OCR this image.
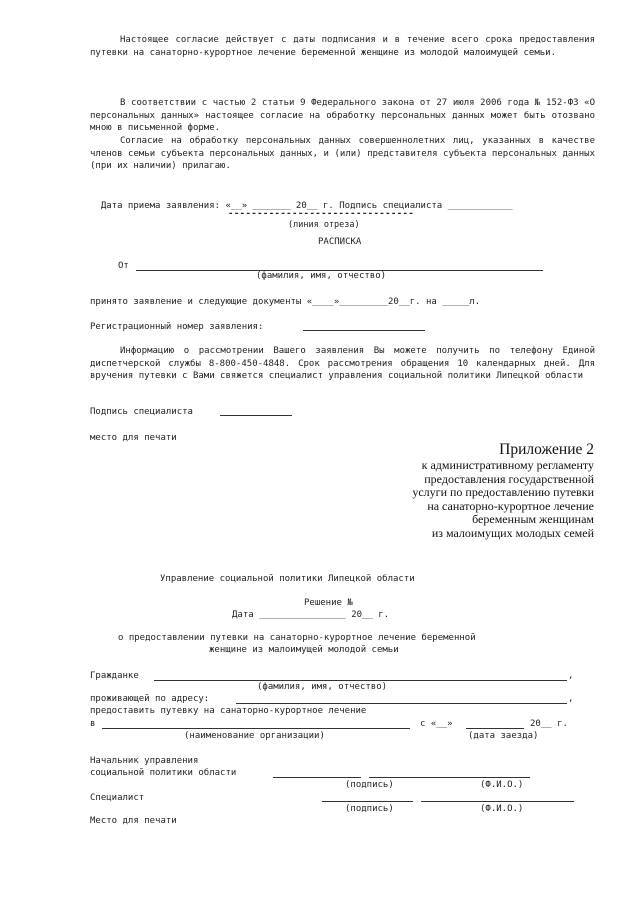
Настоящее согласие действует с даты подписания и в течение всего срока предоставления путевки на санаторно-курортное лечение беременной женщине из молодой малоимущей семьи.
В соответствии с частью 2 статьи 9 Федерального закона от 27 июля 2006 года № 152-ФЗ «О персональных данных» настоящее согласие на обработку персональных данных может быть отозвано мною в письменной форме.
Согласие на обработку персональных данных совершеннолетних лиц, указанных в качестве членов семьи субъекта персональных данных, и (или) представителя субъекта персональных данных (при их наличии) прилагаю.

Дата приема заявления: «__» _______ 20__ г. Подпись специалиста ____________

--------------------------------
(линия отреза)
РАСПИСКА
От
(фамилия, имя, отчество)
принято заявление и следующие документы «____»_________20__г. на _____л.
Регистрационный номер заявления:
Информацию о рассмотрении Вашего заявления Вы можете получить по телефону Единой диспетчерской службы 8-800-450-4848. Срок рассмотрения обращения 10 календарных дней. Для вручения путевки с Вами свяжется специалист управления социальной политики Липецкой области
Подпись специалиста
место для печати
Приложение 2
к административному регламенту
предоставления государственной
услуги по предоставлению путевки
на санаторно-курортное лечение
беременным женщинам
из малоимущих молодых семей
Управление социальной политики Липецкой области
Решение №
Дата ________________ 20__ г.
о предоставлении путевки на санаторно-курортное лечение беременной
женщине из малоимущей молодой семьи
Гражданке	,
(фамилия, имя, отчество)
проживающей по адресу:	,
предоставить путевку на санаторно-курортное лечение
в	с «__»	20__ г.
(наименование организации)	(дата заезда)
Начальник управления
социальной политики области
(подпись)	(Ф.И.О.)
Специалист
(подпись)	(Ф.И.О.)
Место для печати
